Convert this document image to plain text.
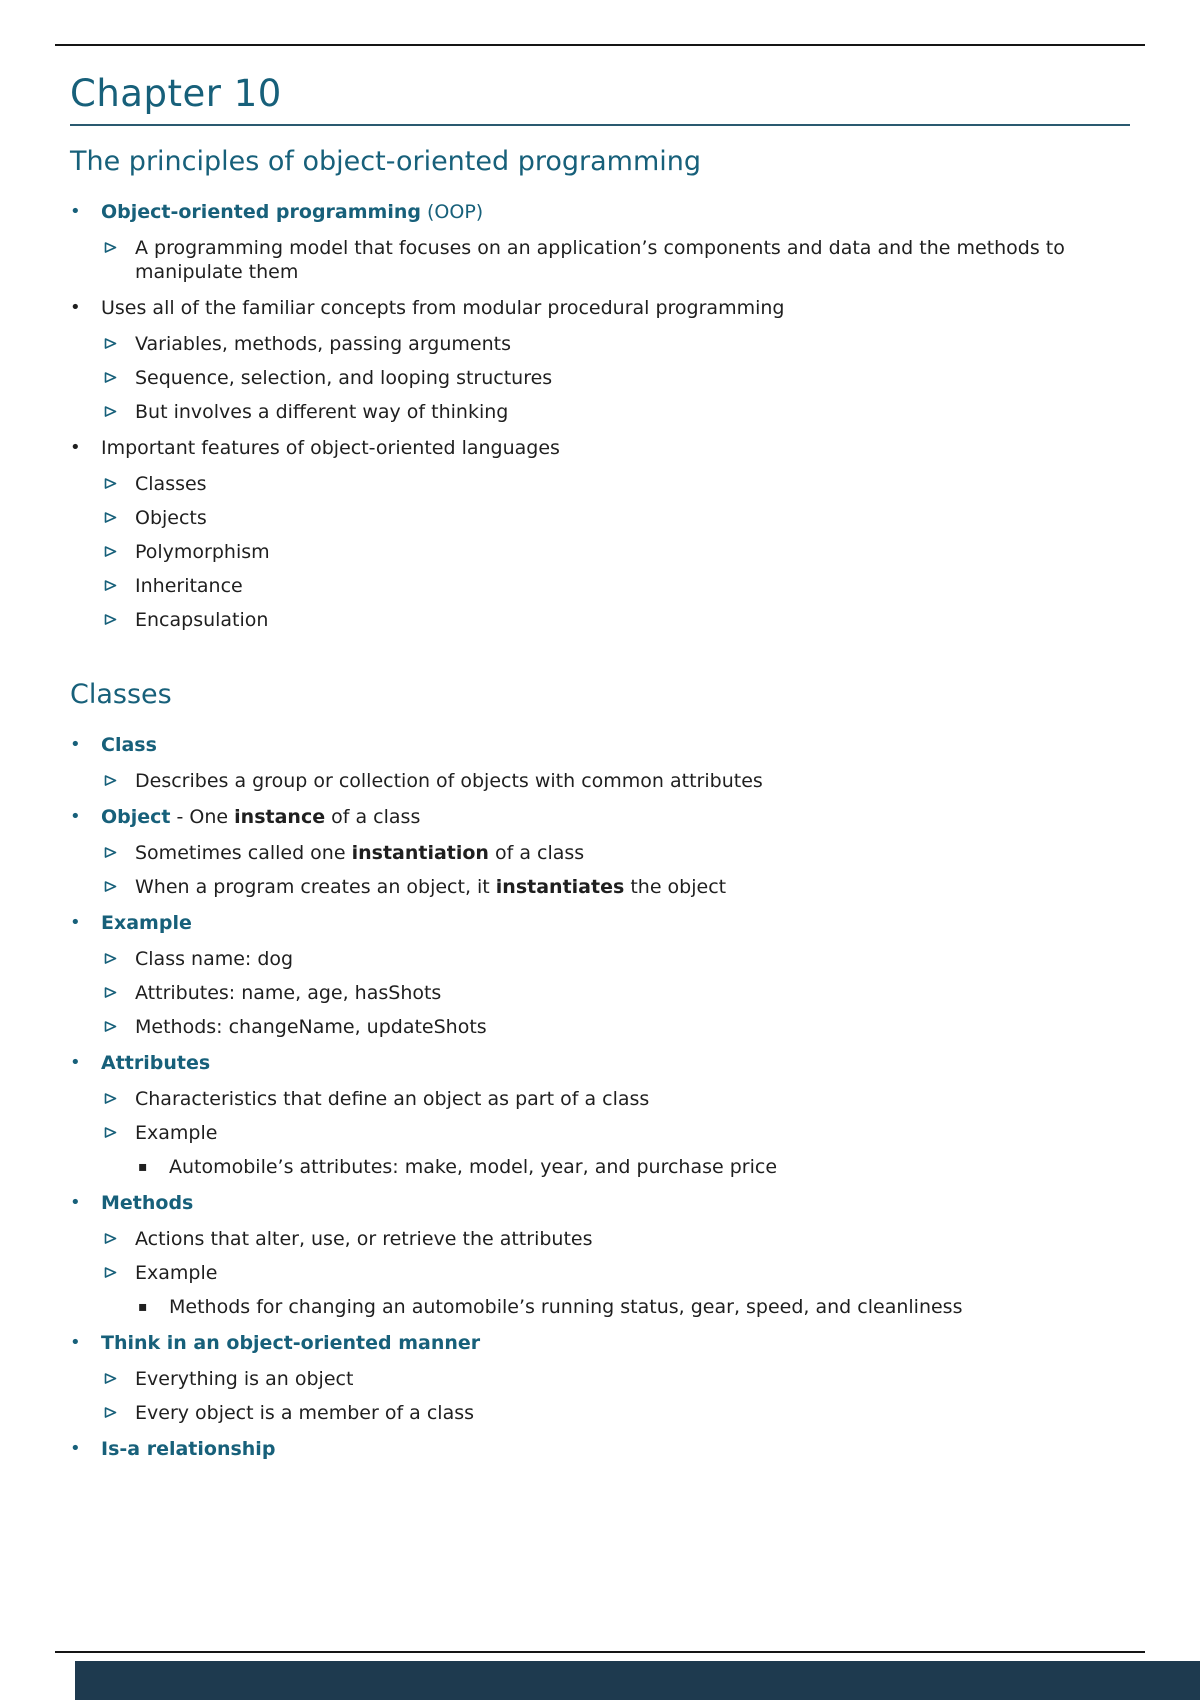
Chapter 10
The principles of object-oriented programming
•	Object-oriented programming (OOP)
A programming model that focuses on an application’s components and data and the methods to manipulate them
•	Uses all of the familiar concepts from modular procedural programming
Variables, methods, passing arguments
Sequence, selection, and looping structures
But involves a different way of thinking
•	Important features of object-oriented languages
Classes
Objects
Polymorphism
Inheritance
Encapsulation
Classes
•	Class
Describes a group or collection of objects with common attributes
•	Object - One instance of a class
Sometimes called one instantiation of a class
When a program creates an object, it instantiates the object
•	Example
Class name: dog
Attributes: name, age, hasShots
Methods: changeName, updateShots
•	Attributes
Characteristics that define an object as part of a class
Example
▪	Automobile’s attributes: make, model, year, and purchase price
•	Methods
Actions that alter, use, or retrieve the attributes
Example
▪	Methods for changing an automobile’s running status, gear, speed, and cleanliness
•	Think in an object-oriented manner
Everything is an object
Every object is a member of a class
•	Is-a relationship
